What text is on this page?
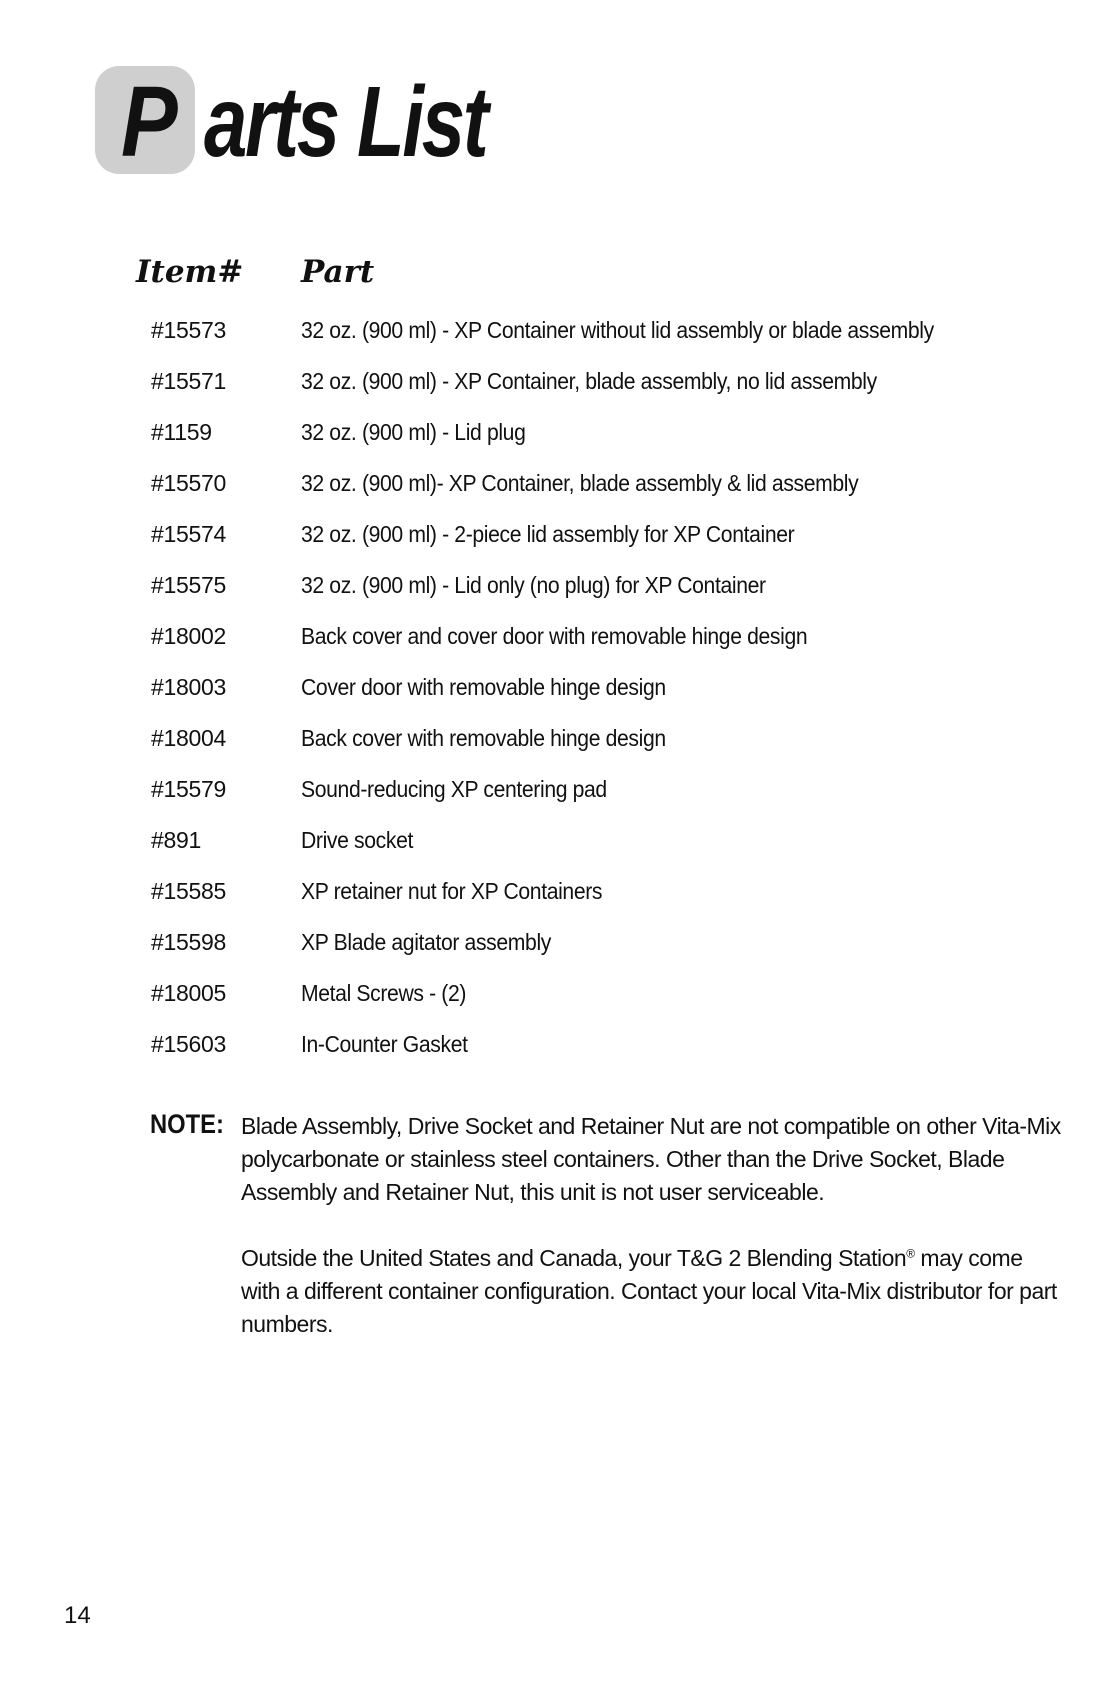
P arts List
Item# Part
#15573	32 oz. (900 ml) - XP Container without lid assembly or blade assembly
#15571	32 oz. (900 ml) - XP Container, blade assembly, no lid assembly
#1159	32 oz. (900 ml) - Lid plug
#15570	32 oz. (900 ml)- XP Container, blade assembly & lid assembly
#15574	32 oz. (900 ml) - 2-piece lid assembly for XP Container
#15575	32 oz. (900 ml) - Lid only (no plug) for XP Container
#18002	Back cover and cover door with removable hinge design
#18003	Cover door with removable hinge design
#18004	Back cover with removable hinge design
#15579	Sound-reducing XP centering pad
#891	Drive socket
#15585	XP retainer nut for XP Containers
#15598	XP Blade agitator assembly
#18005	Metal Screws - (2)
#15603	In-Counter Gasket
NOTE: Blade Assembly, Drive Socket and Retainer Nut are not compatible on other Vita-Mix polycarbonate or stainless steel containers. Other than the Drive Socket, Blade Assembly and Retainer Nut, this unit is not user serviceable.

Outside the United States and Canada, your T&G 2 Blending Station® may come with a different container configuration. Contact your local Vita-Mix distributor for part numbers.

14
